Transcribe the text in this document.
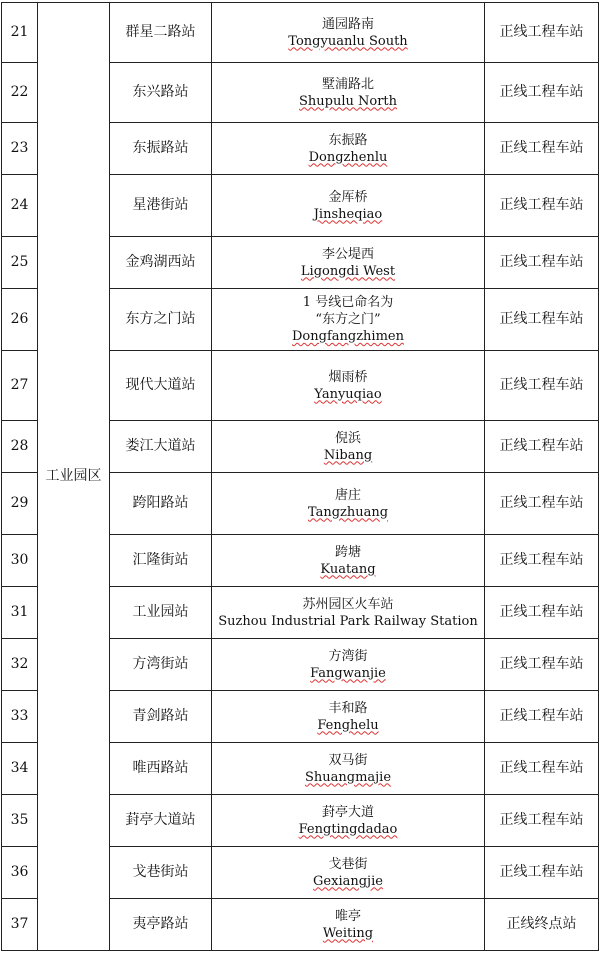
21	工业园区	群星二路站	通园路南
Tongyuanlu South	正线工程车站
22		东兴路站	墅浦路北
Shupulu North	正线工程车站
23		东振路站	东振路
Dongzhenlu	正线工程车站
24		星港街站	金厍桥
Jinsheqiao	正线工程车站
25		金鸡湖西站	李公堤西
Ligongdi West	正线工程车站
26		东方之门站	1 号线已命名为
“东方之门”
Dongfangzhimen	正线工程车站
27		现代大道站	烟雨桥
Yanyuqiao	正线工程车站
28		娄江大道站	倪浜
Nibang	正线工程车站
29		跨阳路站	唐庄
Tangzhuang	正线工程车站
30		汇隆街站	跨塘
Kuatang	正线工程车站
31		工业园站	苏州园区火车站
Suzhou Industrial Park Railway Station	正线工程车站
32		方湾街站	方湾街
Fangwanjie	正线工程车站
33		青剑路站	丰和路
Fenghelu	正线工程车站
34		唯西路站	双马街
Shuangmajie	正线工程车站
35		葑亭大道站	葑亭大道
Fengtingdadao	正线工程车站
36		戈巷街站	戈巷街
Gexiangjie	正线工程车站
37		夷亭路站	唯亭
Weiting	正线终点站
